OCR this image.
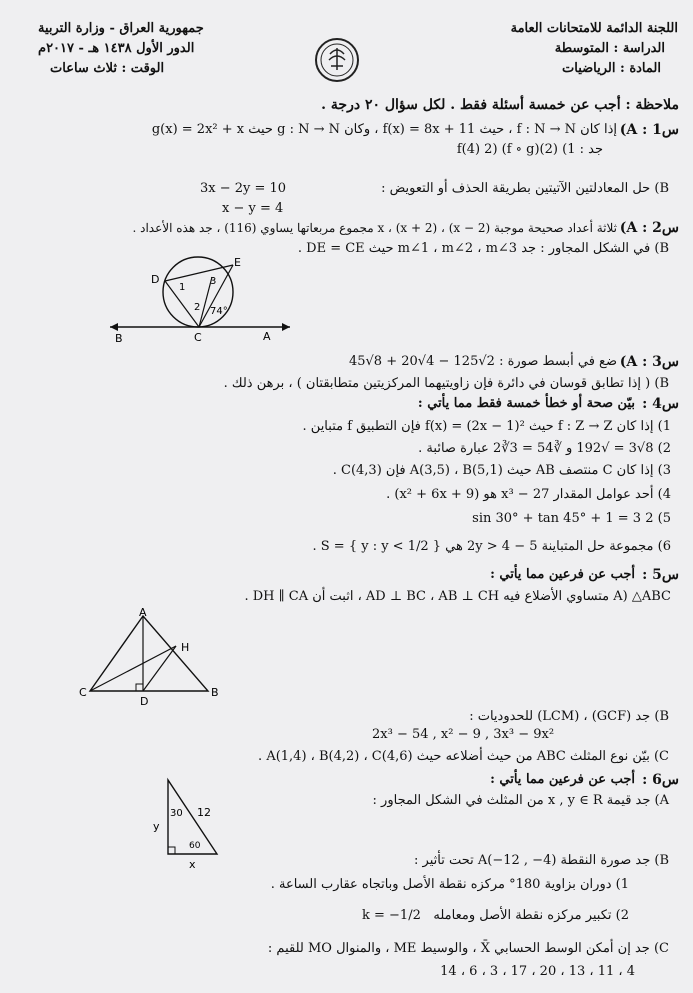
اللجنة الدائمة للامتحانات العامة
الدراسة : المتوسطة
المادة : الرياضيات
جمهورية العراق - وزارة التربية
الدور الأول ١٤٣٨ هـ - ٢٠١٧م
الوقت : ثلاث ساعات
ملاحظة : أجب عن خمسة أسئلة فقط . لكل سؤال ٢٠ درجة .
س1 : A)
إذا كان f : N → N ، حيث f(x) = 8x + 11 ، وكان g : N → N حيث g(x) = 2x² + x
جد : 1) f(4) 2) (f ∘ g)(2)
B) حل المعادلتين الآتيتين بطريقة الحذف أو التعويض :
3x − 2y = 10
x − y = 4
س2 : A)
ثلاثة أعداد صحيحة موجبة (x − 2) ، x ، (x + 2) مجموع مربعاتها يساوي (116) ، جد هذه الأعداد .
B) في الشكل المجاور : جد m∠1 ، m∠2 ، m∠3 حيث DE = CE .
D
E
1
3
2 74°
C
B	A
س3 : A)
ضع في أبسط صورة : 2√125 − 4√20 + 8√45
B) ( إذا تطابق قوسان في دائرة فإن زاويتيهما المركزيتين متطابقتان ) ، برهن ذلك .
س4 :
بيّن صحة أو خطأ خمسة فقط مما يأتي :
1) إذا كان f : Z → Z حيث f(x) = (2x − 1)² فإن التطبيق f متباين .
2) 8√3 = √192 و ∛54 = 3∛2 عبارة صائبة .
3) إذا كان C منتصف AB حيث A(3,5) ، B(5,1) فإن C(4,3) .
4) أحد عوامل المقدار x³ − 27 هو (x² + 6x + 9) .
5) 2 sin 30° + tan 45° + 1 = 3
6) مجموعة حل المتباينة 5 − 2y > 4 هي S = { y : y < 1/2 } .
س5 :
أجب عن فرعين مما يأتي :
A) △ABC متساوي الأضلاع فيه AD ⊥ BC ، AB ⊥ CH ، اثبت أن DH ∥ CA .
A
H
C
D
B
B) جد (GCF) ، (LCM) للحدوديات :
2x³ − 54 , x² − 9 , 3x³ − 9x²
C) بيّن نوع المثلث ABC من حيث أضلاعه حيث A(1,4) ، B(4,2) ، C(4,6) .
س6 :
أجب عن فرعين مما يأتي :
A) جد قيمة x , y ∈ R من المثلث في الشكل المجاور :
30 12
y
60
x	B) جد صورة النقطة A(−12 , −4) تحت تأثير :
1) دوران بزاوية 180° مركزه نقطة الأصل وباتجاه عقارب الساعة .
2) تكبير مركزه نقطة الأصل ومعامله
k = −1/2
C) جد إن أمكن الوسط الحسابي X̄ ، والوسيط ME ، والمنوال MO للقيم :
4 ، 11 ، 13 ، 20 ، 17 ، 3 ، 6 ، 14
